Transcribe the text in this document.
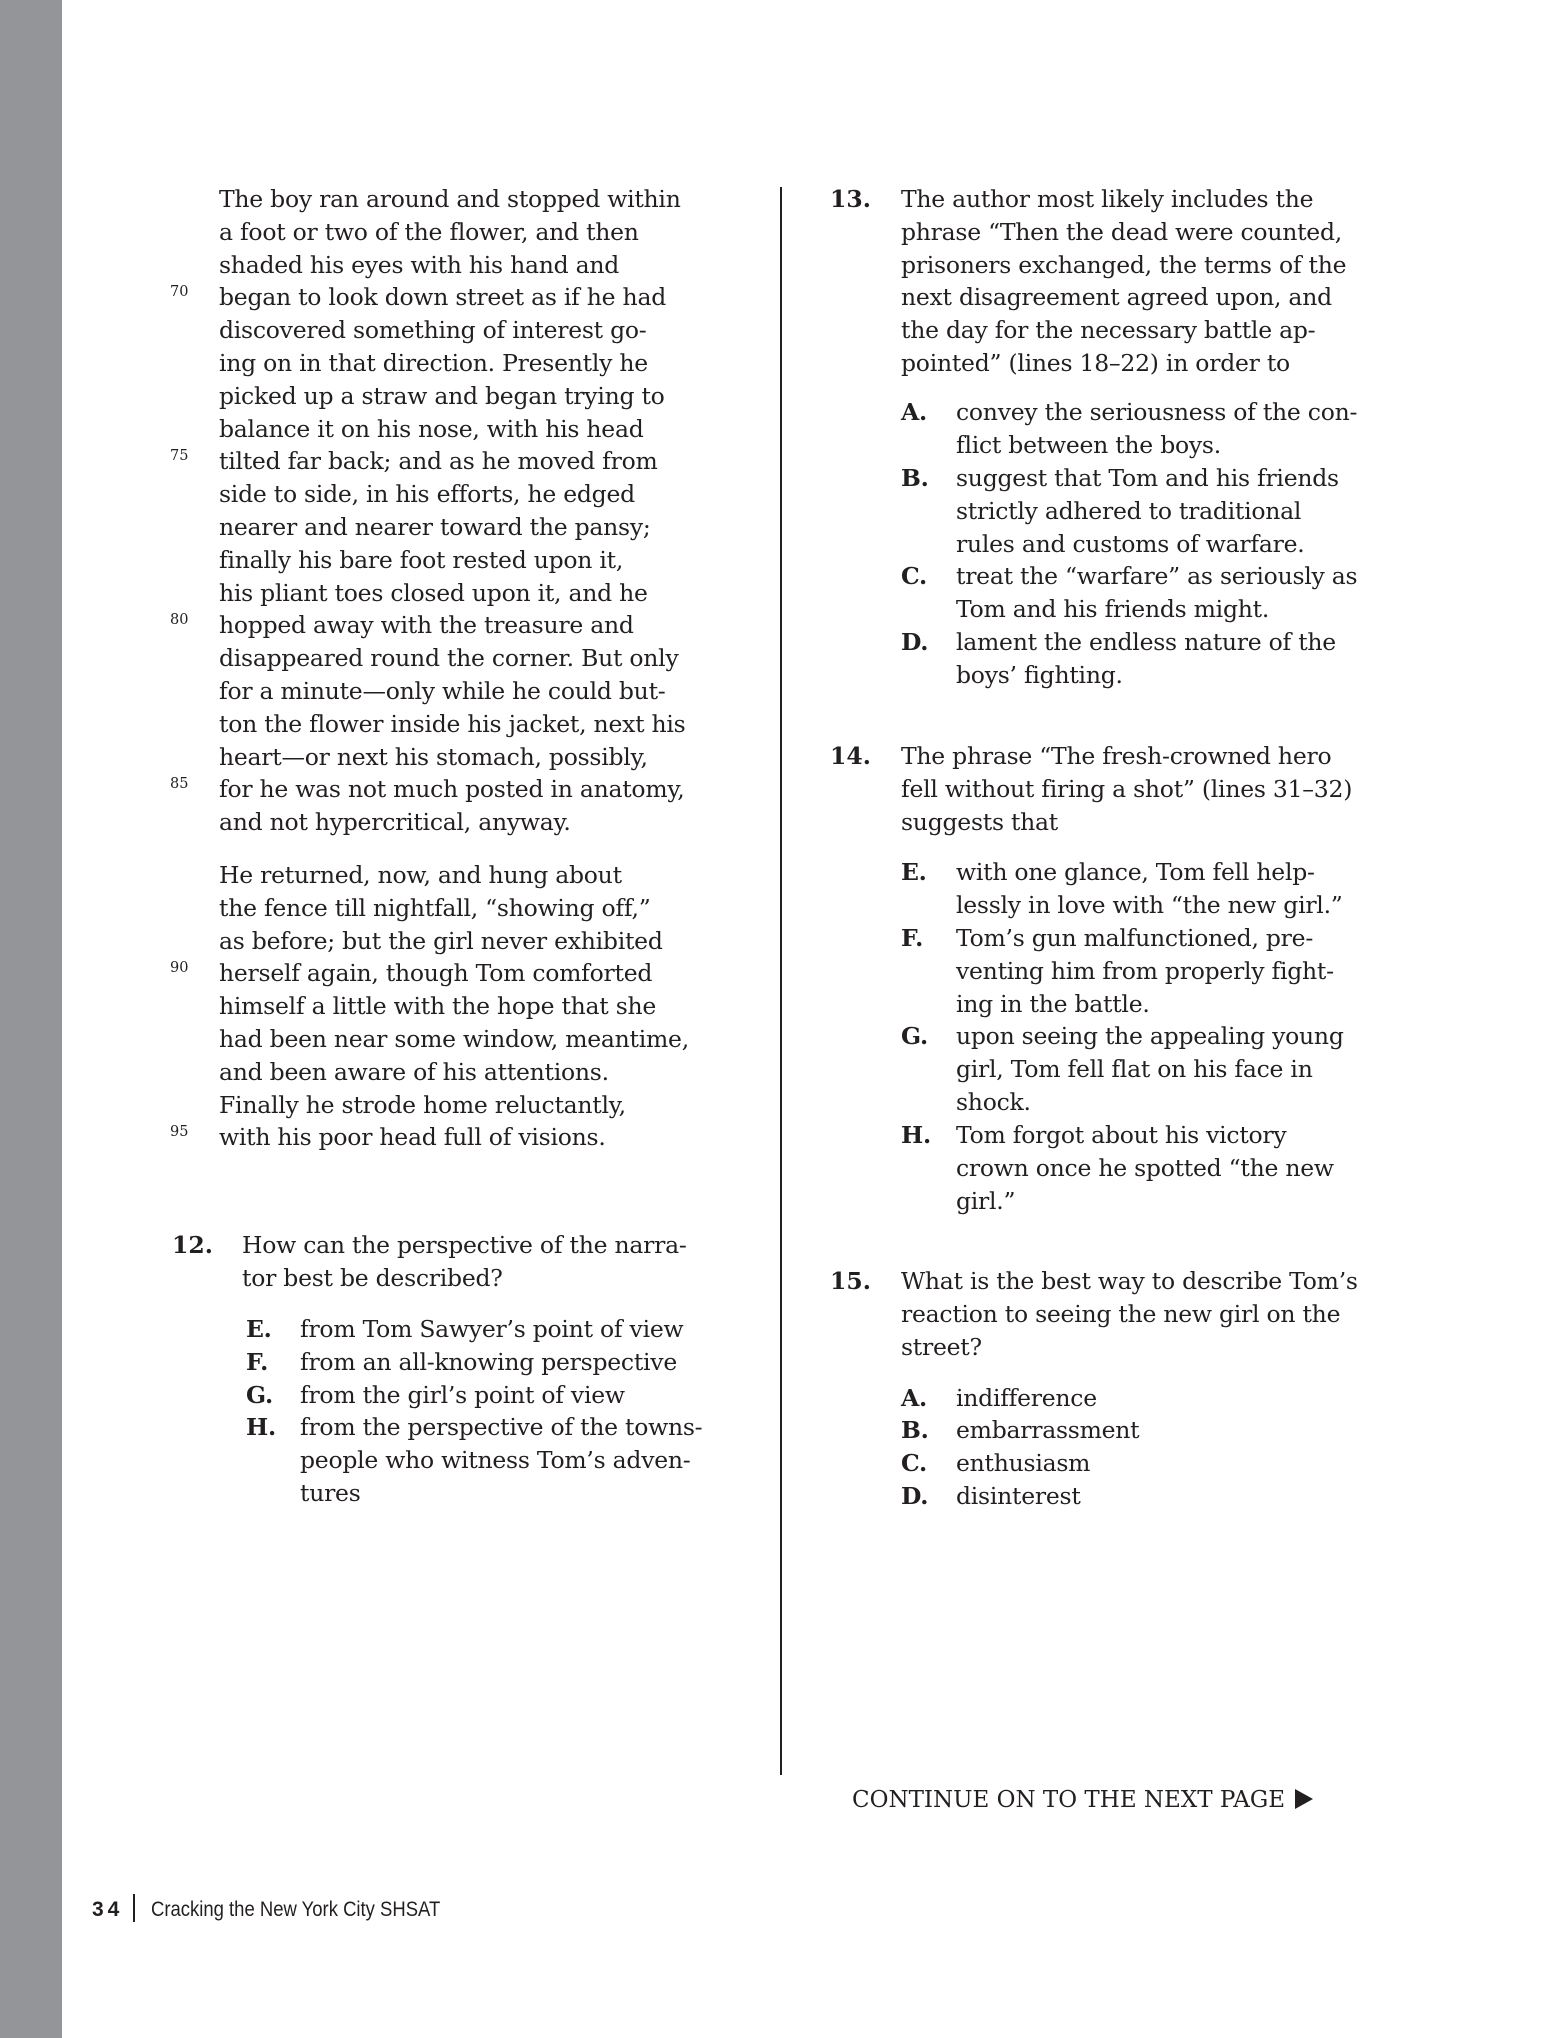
The boy ran around and stopped within
a foot or two of the flower, and then
shaded his eyes with his hand and
began to look down street as if he had
discovered something of interest go-
ing on in that direction. Presently he
picked up a straw and began trying to
balance it on his nose, with his head
tilted far back; and as he moved from
side to side, in his efforts, he edged
nearer and nearer toward the pansy;
finally his bare foot rested upon it,
his pliant toes closed upon it, and he
hopped away with the treasure and
disappeared round the corner. But only
for a minute—only while he could but-
ton the flower inside his jacket, next his
heart—or next his stomach, possibly,
for he was not much posted in anatomy,
and not hypercritical, anyway.
He returned, now, and hung about
the fence till nightfall, “showing off,”
as before; but the girl never exhibited
herself again, though Tom comforted
himself a little with the hope that she
had been near some window, meantime,
and been aware of his attentions.
Finally he strode home reluctantly,
with his poor head full of visions.
70
75
80
85
90
95
12. How can the perspective of the narra-
tor best be described?
E. from Tom Sawyer’s point of view
F. from an all-knowing perspective
G. from the girl’s point of view
H. from the perspective of the towns-
people who witness Tom’s adven-
tures
13. The author most likely includes the
phrase “Then the dead were counted,
prisoners exchanged, the terms of the
next disagreement agreed upon, and
the day for the necessary battle ap-
pointed” (lines 18–22) in order to
A. convey the seriousness of the con-
flict between the boys.
B. suggest that Tom and his friends
strictly adhered to traditional
rules and customs of warfare.
C. treat the “warfare” as seriously as
Tom and his friends might.
D. lament the endless nature of the
boys’ fighting.
14. The phrase “The fresh-crowned hero
fell without firing a shot” (lines 31–32)
suggests that
E. with one glance, Tom fell help-
lessly in love with “the new girl.”
F. Tom’s gun malfunctioned, pre-
venting him from properly fight-
ing in the battle.
G. upon seeing the appealing young
girl, Tom fell flat on his face in
shock.
H. Tom forgot about his victory
crown once he spotted “the new
girl.”
15. What is the best way to describe Tom’s
reaction to seeing the new girl on the
street?
A. indifference
B. embarrassment
C. enthusiasm
D. disinterest
CONTINUE ON TO THE NEXT PAGE
34 Cracking the New York City SHSAT
